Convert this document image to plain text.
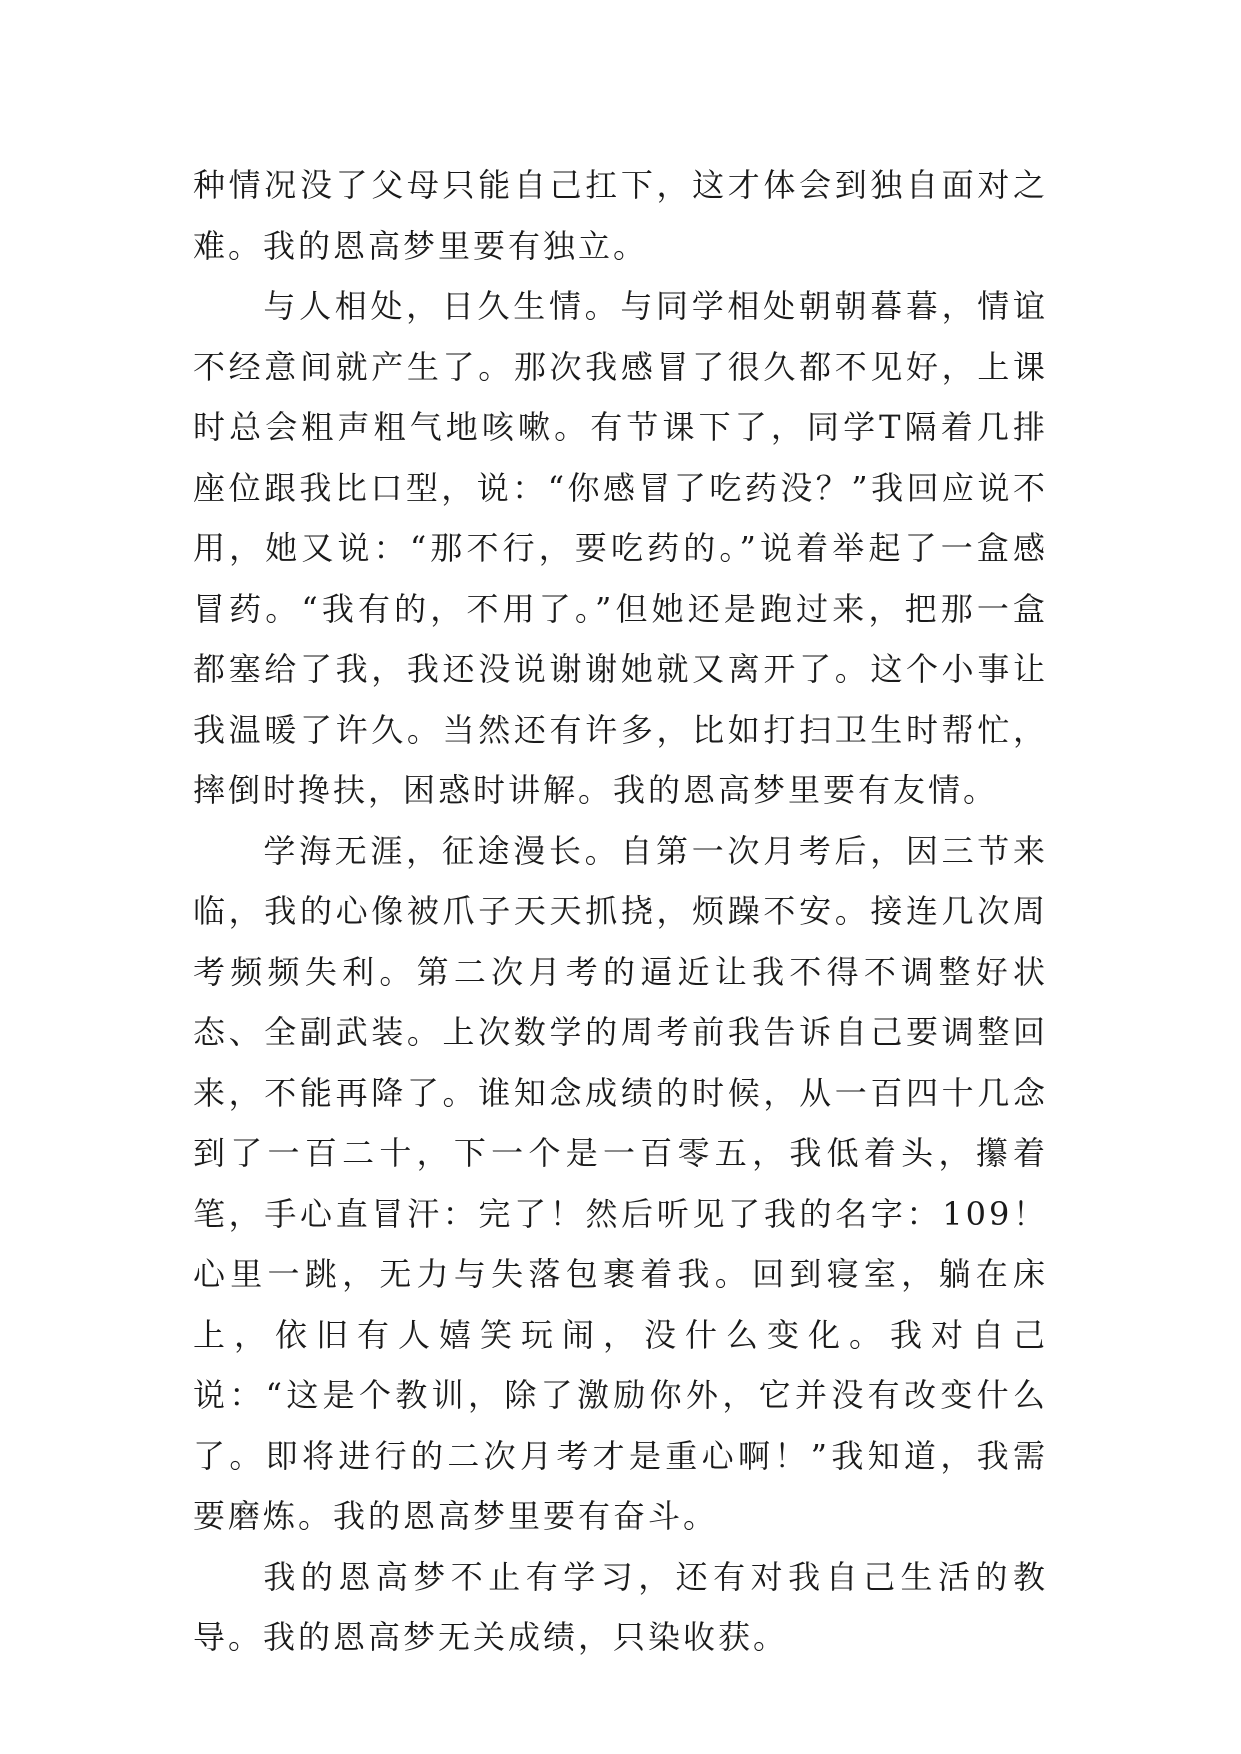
种情况没了父母只能自己扛下，这才体会到独自面对之难。我的恩高梦里要有独立。

与人相处，日久生情。与同学相处朝朝暮暮，情谊不经意间就产生了。那次我感冒了很久都不见好，上课时总会粗声粗气地咳嗽。有节课下了，同学T隔着几排座位跟我比口型，说：“你感冒了吃药没？”我回应说不用，她又说：“那不行，要吃药的。”说着举起了一盒感冒药。“我有的，不用了。”但她还是跑过来，把那一盒都塞给了我，我还没说谢谢她就又离开了。这个小事让我温暖了许久。当然还有许多，比如打扫卫生时帮忙，摔倒时搀扶，困惑时讲解。我的恩高梦里要有友情。

学海无涯，征途漫长。自第一次月考后，因三节来临，我的心像被爪子天天抓挠，烦躁不安。接连几次周考频频失利。第二次月考的逼近让我不得不调整好状态、全副武装。上次数学的周考前我告诉自己要调整回来，不能再降了。谁知念成绩的时候，从一百四十几念到了一百二十，下一个是一百零五，我低着头，攥着笔，手心直冒汗：完了！然后听见了我的名字：109！心里一跳，无力与失落包裹着我。回到寝室，躺在床上，依旧有人嬉笑玩闹，没什么变化。我对自己说：“这是个教训，除了激励你外，它并没有改变什么了。即将进行的二次月考才是重心啊！”我知道，我需要磨炼。我的恩高梦里要有奋斗。

我的恩高梦不止有学习，还有对我自己生活的教导。我的恩高梦无关成绩，只染收获。
